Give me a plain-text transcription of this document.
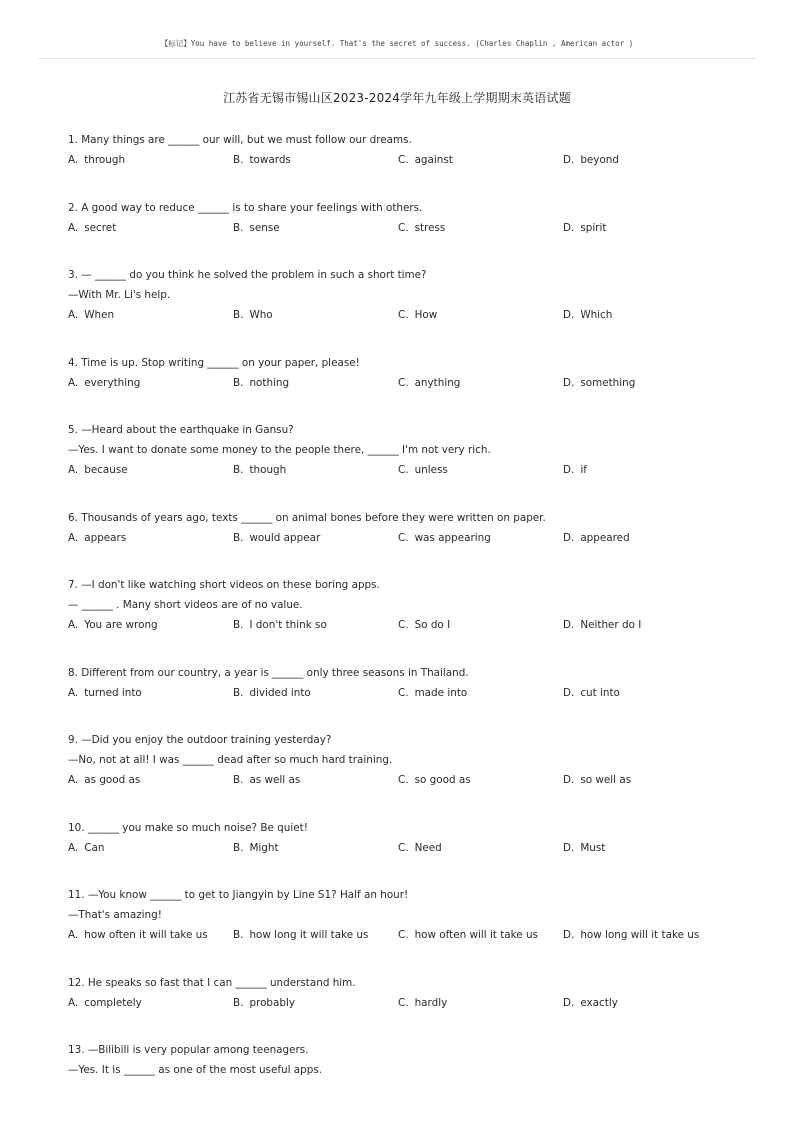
【标记】You have to believe in yourself. That's the secret of success. (Charles Chaplin , American actor )
江苏省无锡市锡山区2023-2024学年九年级上学期期末英语试题
1. Many things are ______ our will, but we must follow our dreams.
A. through	B. towards	C. against	D. beyond
2. A good way to reduce ______ is to share your feelings with others.
A. secret	B. sense	C. stress	D. spirit
3. — ______ do you think he solved the problem in such a short time?
—With Mr. Li's help.
A. When	B. Who	C. How	D. Which
4. Time is up. Stop writing ______ on your paper, please!
A. everything	B. nothing	C. anything	D. something
5. —Heard about the earthquake in Gansu?
—Yes. I want to donate some money to the people there, ______ I'm not very rich.
A. because	B. though	C. unless	D. if
6. Thousands of years ago, texts ______ on animal bones before they were written on paper.
A. appears	B. would appear	C. was appearing	D. appeared
7. —I don't like watching short videos on these boring apps.
— ______ . Many short videos are of no value.
A. You are wrong	B. I don't think so	C. So do I	D. Neither do I
8. Different from our country, a year is ______ only three seasons in Thailand.
A. turned into	B. divided into	C. made into	D. cut into
9. —Did you enjoy the outdoor training yesterday?
—No, not at all! I was ______ dead after so much hard training.
A. as good as	B. as well as	C. so good as	D. so well as
10. ______ you make so much noise? Be quiet!
A. Can	B. Might	C. Need	D. Must
11. —You know ______ to get to Jiangyin by Line S1? Half an hour!
—That's amazing!
A. how often it will take us	B. how long it will take us	C. how often will it take us	D. how long will it take us
12. He speaks so fast that I can ______ understand him.
A. completely	B. probably	C. hardly	D. exactly
13. —Bilibili is very popular among teenagers.
—Yes. It is ______ as one of the most useful apps.
